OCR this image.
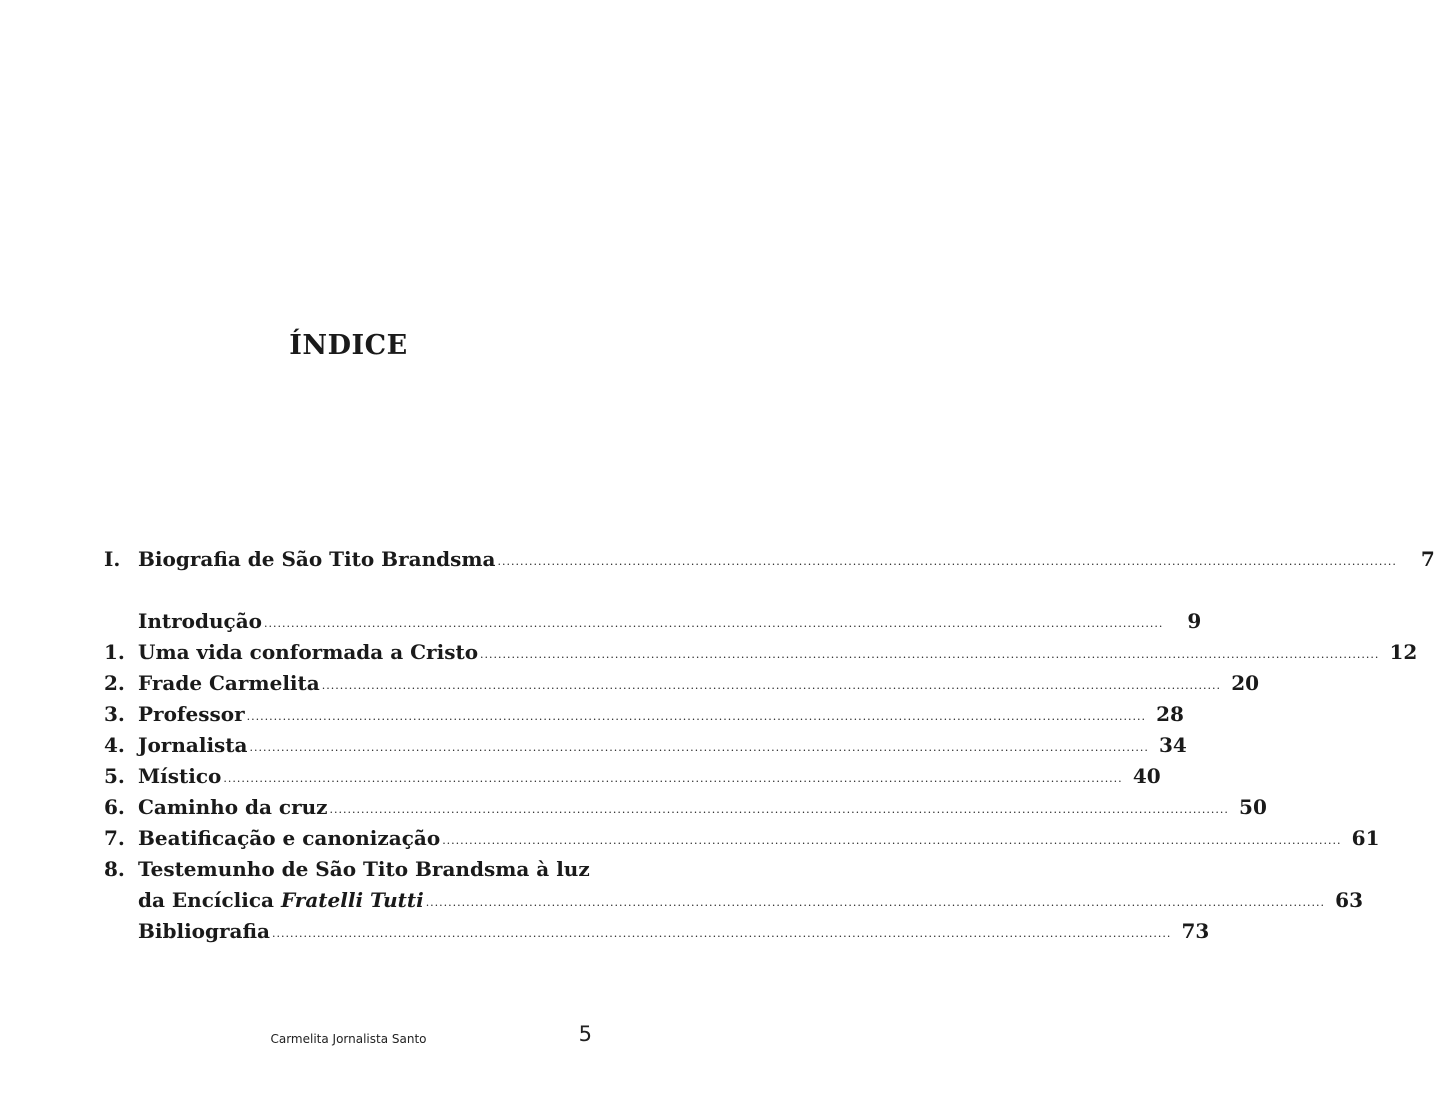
ÍNDICE
I. Biografia de São Tito Brandsma .....	7
Introdução .....	9
1. Uma vida conformada a Cristo .....	12
2. Frade Carmelita .....	20
3. Professor .....	28
4. Jornalista .....	34
5. Místico .....	40
6. Caminho da cruz .....	50
7. Beatificação e canonização .....	61
8. Testemunho de São Tito Brandsma à luz
da Encíclica Fratelli Tutti .....	63
Bibliografia .....	73
Carmelita Jornalista Santo	5
